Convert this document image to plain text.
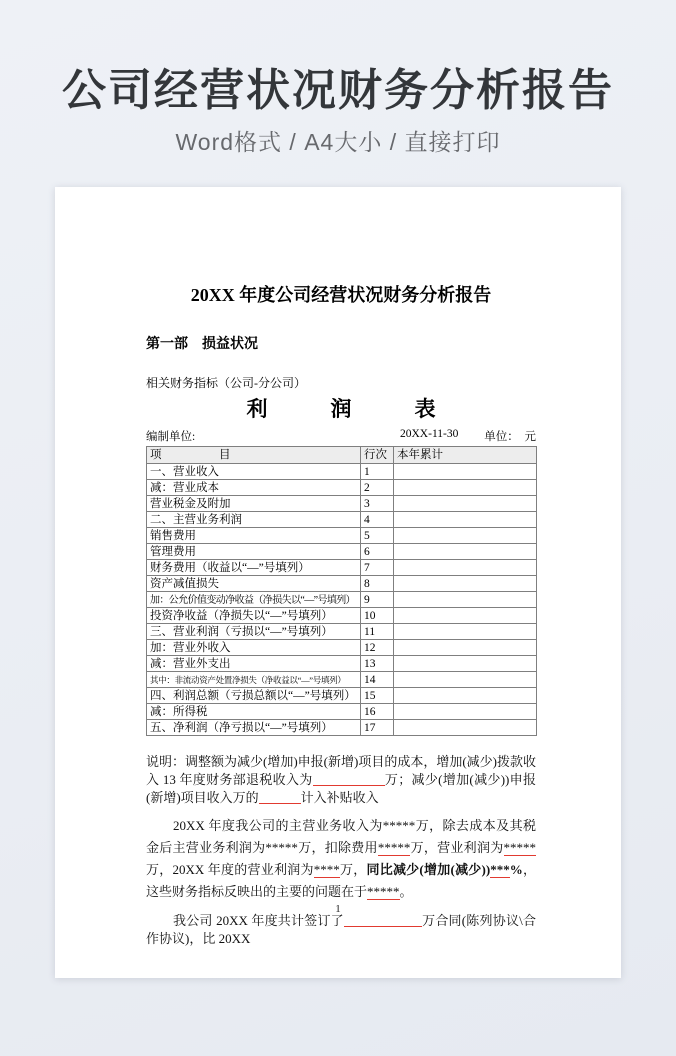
公司经营状况财务分析报告
Word格式 / A4大小 / 直接打印
20XX 年度公司经营状况财务分析报告
第一部　损益状况
相关财务指标（公司-分公司）
利　　　润　　　表
编制单位:	20XX-11-30 单位：　元
项　　　　　目	行次	本年累计
一、营业收入	1	
减：营业成本	2	
营业税金及附加	3	
二、主营业务利润	4	
销售费用	5	
管理费用	6	
财务费用（收益以“—”号填列）	7	
资产减值损失	8	
加：公允价值变动净收益（净损失以“—”号填列）	9	
投资净收益（净损失以“—”号填列）	10	
三、营业利润（亏损以“—”号填列）	11	
加：营业外收入	12	
减：营业外支出	13	
其中：非流动资产处置净损失（净收益以“—”号填列）	14	
四、利润总额（亏损总额以“—”号填列）	15	
减：所得税	16	
五、净利润（净亏损以“—”号填列）	17	
说明：调整额为减少(增加)申报(新增)项目的成本，增加(减少)拨款收入 13 年度财务部退税收入为	万；减少(增加(减少))申报(新增)项目收入万的	计入补贴收入
20XX 年度我公司的主营业务收入为*****万，除去成本及其税金后主营业务利润为*****万，扣除费用*****万，营业利润为*****万，20XX 年度的营业利润为****万，同比减少(增加(减少))***%，这些财务指标反映出的主要的问题在于*****。
我公司 20XX 年度共计签订了	万合同(陈列协议\合作协议)，比 20XX
1
